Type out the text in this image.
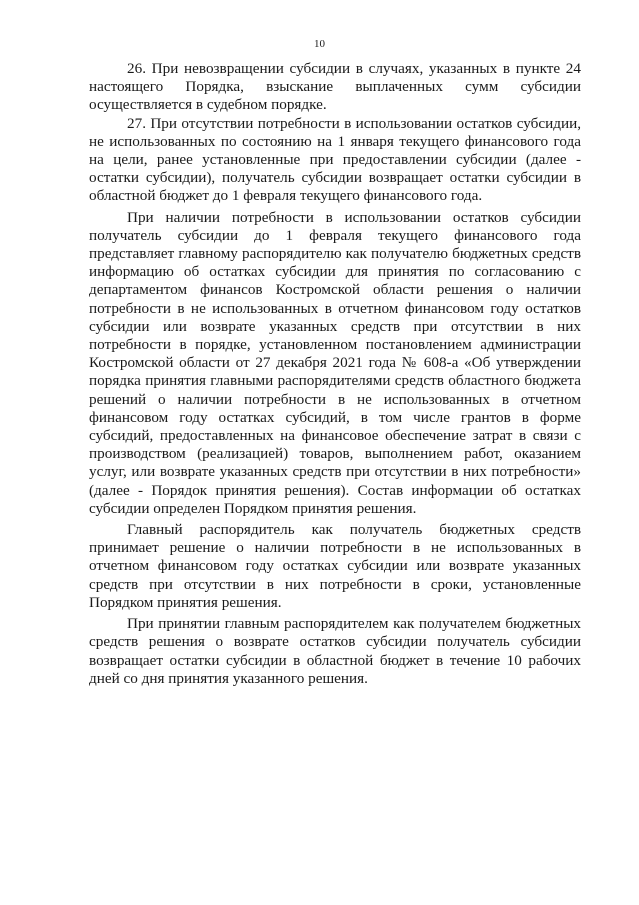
10

26. При невозвращении субсидии в случаях, указанных в пункте 24 настоящего Порядка, взыскание выплаченных сумм субсидии осуществляется в судебном порядке.

27. При отсутствии потребности в использовании остатков субсидии, не использованных по состоянию на 1 января текущего финансового года на цели, ранее установленные при предоставлении субсидии (далее - остатки субсидии), получатель субсидии возвращает остатки субсидии в областной бюджет до 1 февраля текущего финансового года.

При наличии потребности в использовании остатков субсидии получатель субсидии до 1 февраля текущего финансового года представляет главному распорядителю как получателю бюджетных средств информацию об остатках субсидии для принятия по согласованию с департаментом финансов Костромской области решения о наличии потребности в не использованных в отчетном финансовом году остатков субсидии или возврате указанных средств при отсутствии в них потребности в порядке, установленном постановлением администрации Костромской области от 27 декабря 2021 года № 608-а «Об утверждении порядка принятия главными распорядителями средств областного бюджета решений о наличии потребности в не использованных в отчетном финансовом году остатках субсидий, в том числе грантов в форме субсидий, предоставленных на финансовое обеспечение затрат в связи с производством (реализацией) товаров, выполнением работ, оказанием услуг, или возврате указанных средств при отсутствии в них потребности» (далее - Порядок принятия решения). Состав информации об остатках субсидии определен Порядком принятия решения.

Главный распорядитель как получатель бюджетных средств принимает решение о наличии потребности в не использованных в отчетном финансовом году остатках субсидии или возврате указанных средств при отсутствии в них потребности в сроки, установленные Порядком принятия решения.

При принятии главным распорядителем как получателем бюджетных средств решения о возврате остатков субсидии получатель субсидии возвращает остатки субсидии в областной бюджет в течение 10 рабочих дней со дня принятия указанного решения.
